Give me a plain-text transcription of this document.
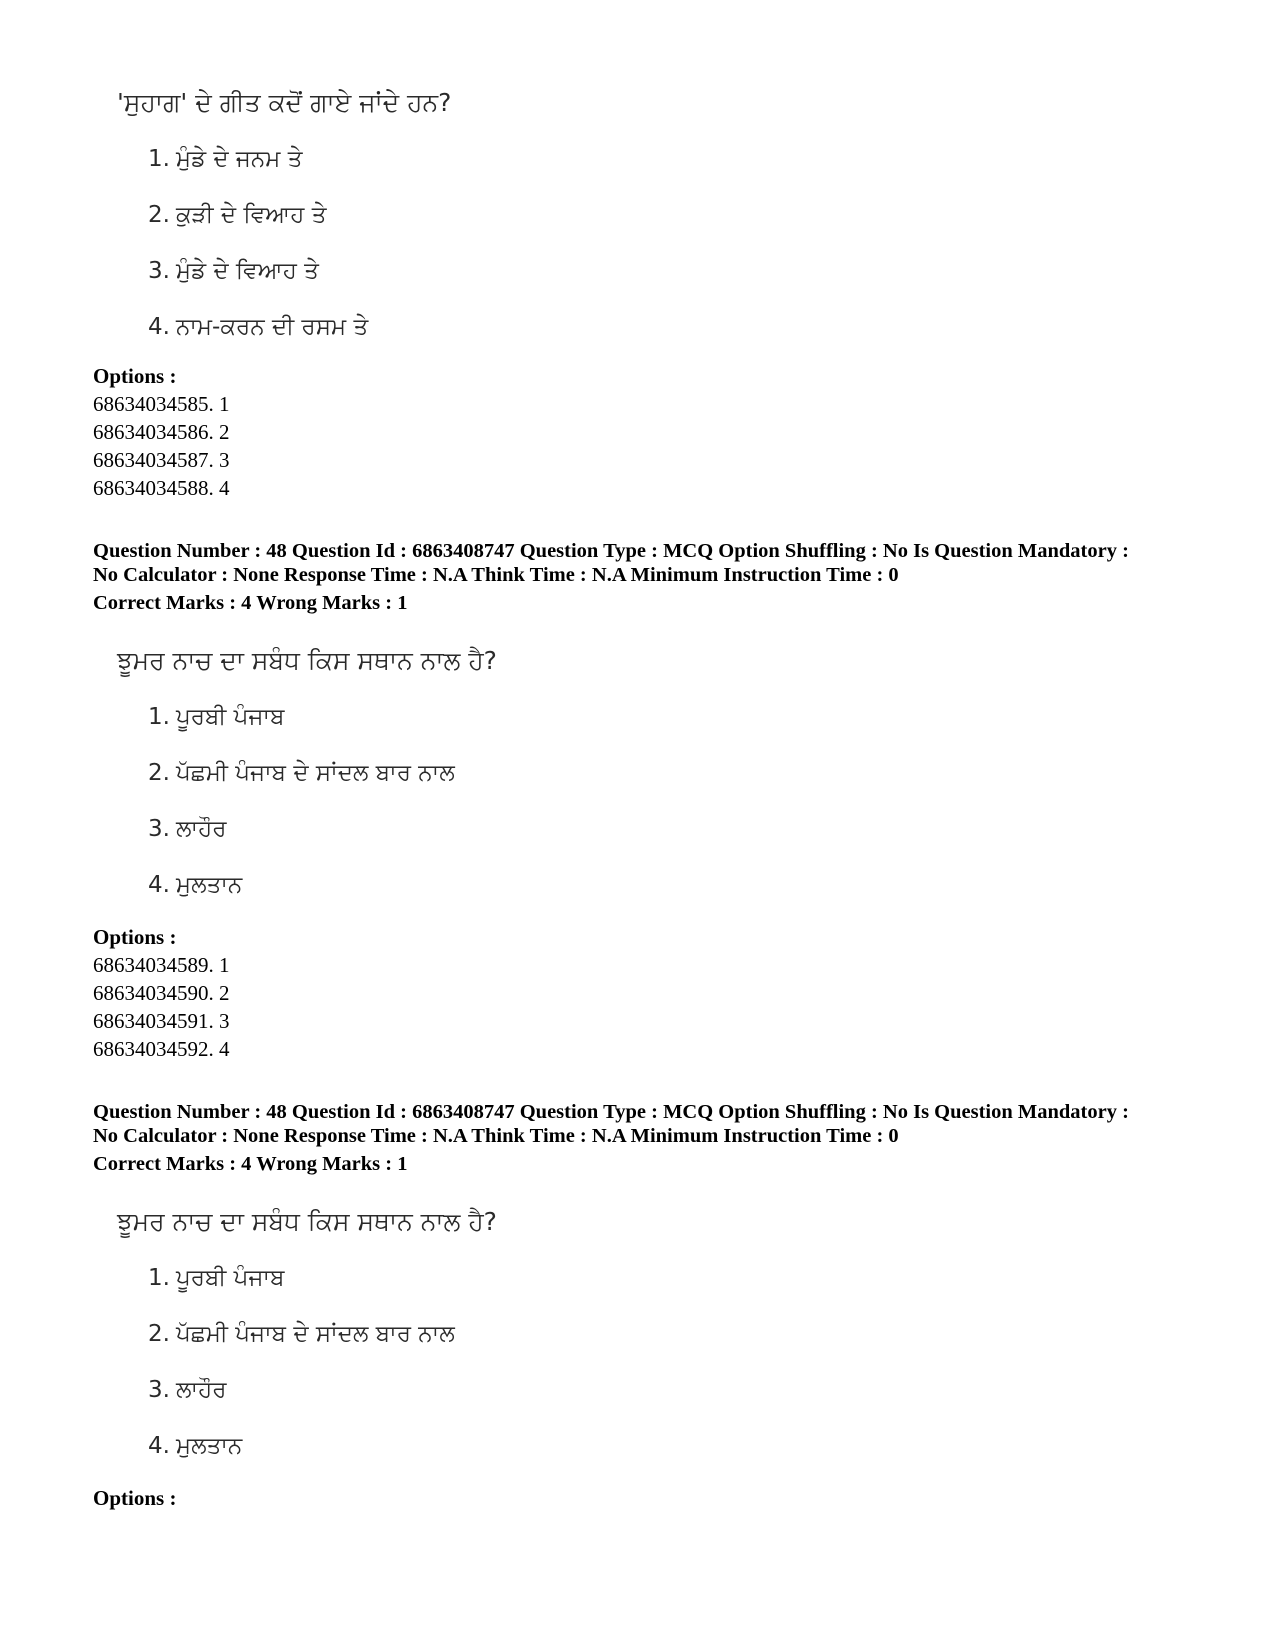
'ਸੁਹਾਗ' ਦੇ ਗੀਤ ਕਦੋਂ ਗਾਏ ਜਾਂਦੇ ਹਨ?
1. ਮੁੰਡੇ ਦੇ ਜਨਮ ਤੇ
2. ਕੁੜੀ ਦੇ ਵਿਆਹ ਤੇ
3. ਮੁੰਡੇ ਦੇ ਵਿਆਹ ਤੇ
4. ਨਾਮ-ਕਰਨ ਦੀ ਰਸਮ ਤੇ
Options :
68634034585. 1
68634034586. 2
68634034587. 3
68634034588. 4
Question Number : 48 Question Id : 6863408747 Question Type : MCQ Option Shuffling : No Is Question Mandatory :
No Calculator : None Response Time : N.A Think Time : N.A Minimum Instruction Time : 0
Correct Marks : 4 Wrong Marks : 1
ਝੂਮਰ ਨਾਚ ਦਾ ਸਬੰਧ ਕਿਸ ਸਥਾਨ ਨਾਲ ਹੈ?
1. ਪੂਰਬੀ ਪੰਜਾਬ
2. ਪੱਛਮੀ ਪੰਜਾਬ ਦੇ ਸਾਂਦਲ ਬਾਰ ਨਾਲ
3. ਲਾਹੌਰ
4. ਮੁਲਤਾਨ
Options :
68634034589. 1
68634034590. 2
68634034591. 3
68634034592. 4
Question Number : 48 Question Id : 6863408747 Question Type : MCQ Option Shuffling : No Is Question Mandatory :
No Calculator : None Response Time : N.A Think Time : N.A Minimum Instruction Time : 0
Correct Marks : 4 Wrong Marks : 1
ਝੂਮਰ ਨਾਚ ਦਾ ਸਬੰਧ ਕਿਸ ਸਥਾਨ ਨਾਲ ਹੈ?
1. ਪੂਰਬੀ ਪੰਜਾਬ
2. ਪੱਛਮੀ ਪੰਜਾਬ ਦੇ ਸਾਂਦਲ ਬਾਰ ਨਾਲ
3. ਲਾਹੌਰ
4. ਮੁਲਤਾਨ
Options :
